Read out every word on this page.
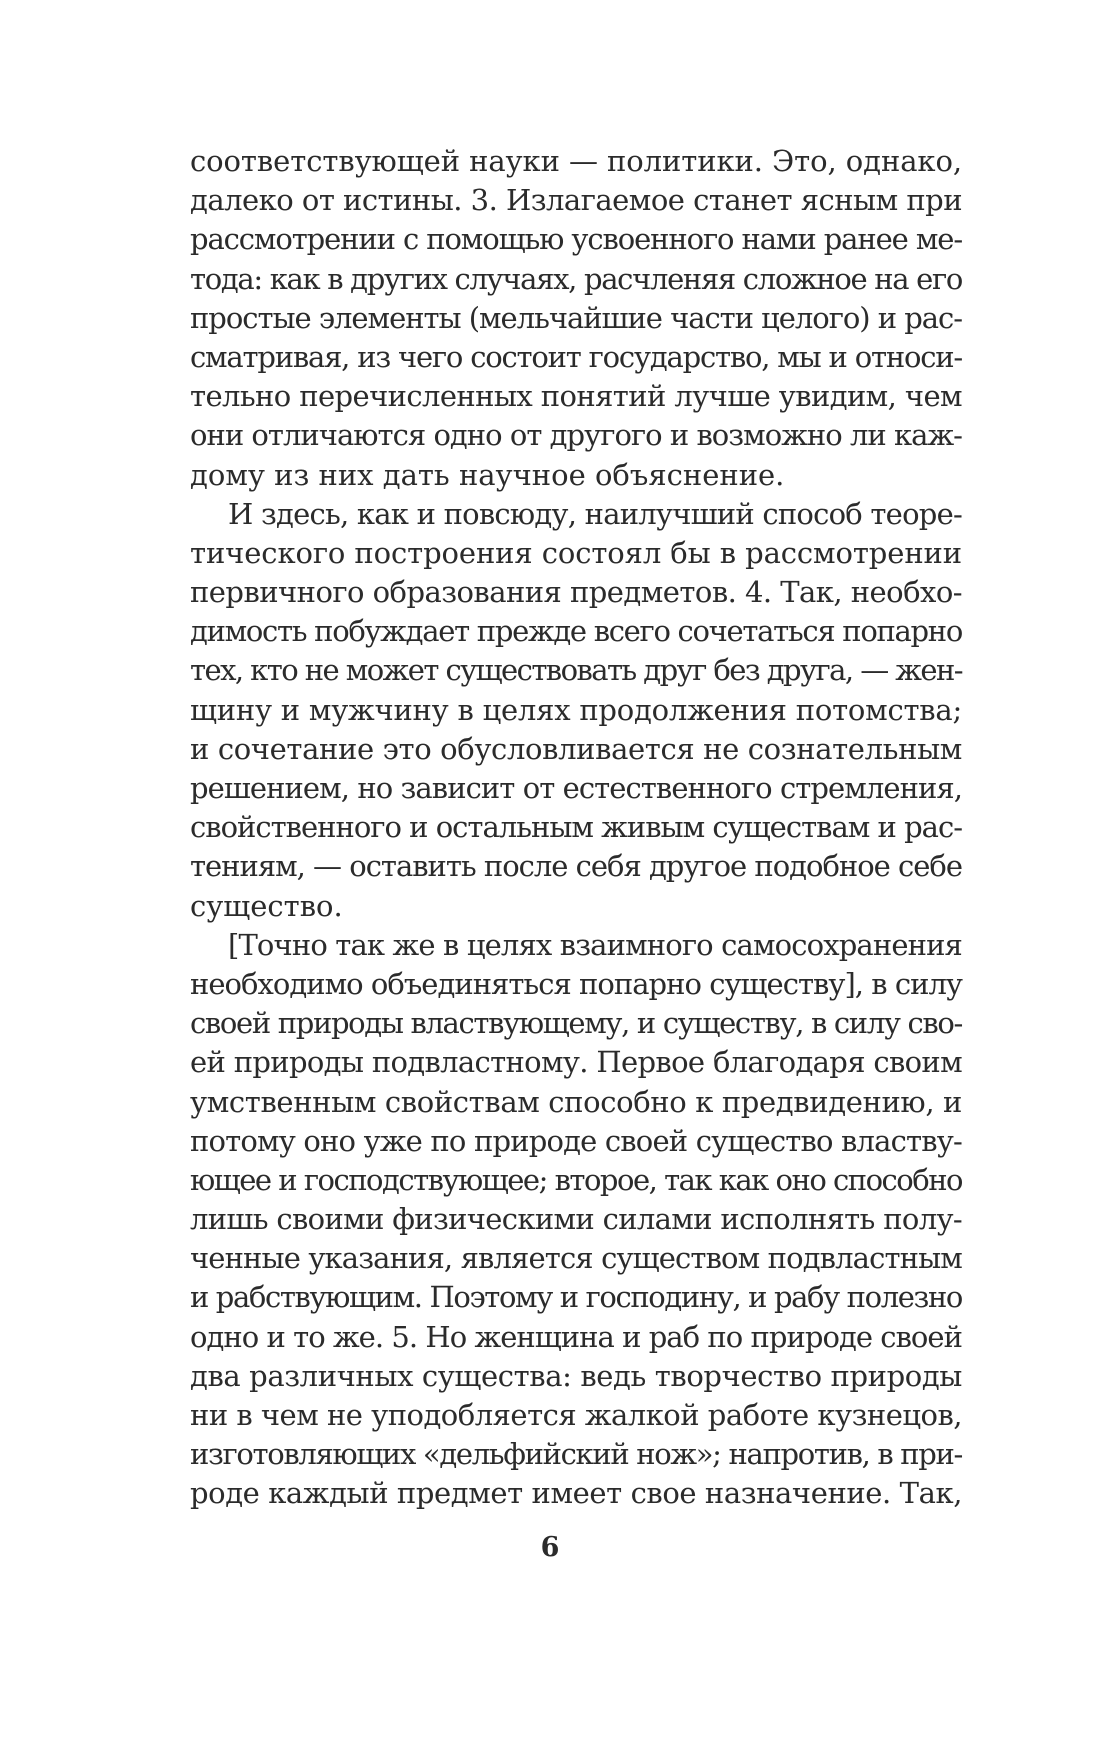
соответствующей науки — политики. Это, однако,
далеко от истины. 3. Излагаемое станет ясным при
рассмотрении с помощью усвоенного нами ранее ме-
тода: как в других случаях, расчленяя сложное на его
простые элементы (мельчайшие части целого) и рас-
сматривая, из чего состоит государство, мы и относи-
тельно перечисленных понятий лучше увидим, чем
они отличаются одно от другого и возможно ли каж-
дому из них дать научное объяснение.
И здесь, как и повсюду, наилучший способ теоре-
тического построения состоял бы в рассмотрении
первичного образования предметов. 4. Так, необхо-
димость побуждает прежде всего сочетаться попарно
тех, кто не может существовать друг без друга, — жен-
щину и мужчину в целях продолжения потомства;
и сочетание это обусловливается не сознательным
решением, но зависит от естественного стремления,
свойственного и остальным живым существам и рас-
тениям, — оставить после себя другое подобное себе
существо.
[Точно так же в целях взаимного самосохранения
необходимо объединяться попарно существу], в силу
своей природы властвующему, и существу, в силу сво-
ей природы подвластному. Первое благодаря своим
умственным свойствам способно к предвидению, и
потому оно уже по природе своей существо властву-
ющее и господствующее; второе, так как оно способно
лишь своими физическими силами исполнять полу-
ченные указания, является существом подвластным
и рабствующим. Поэтому и господину, и рабу полезно
одно и то же. 5. Но женщина и раб по природе своей
два различных существа: ведь творчество природы
ни в чем не уподобляется жалкой работе кузнецов,
изготовляющих «дельфийский нож»; напротив, в при-
роде каждый предмет имеет свое назначение. Так,
6
